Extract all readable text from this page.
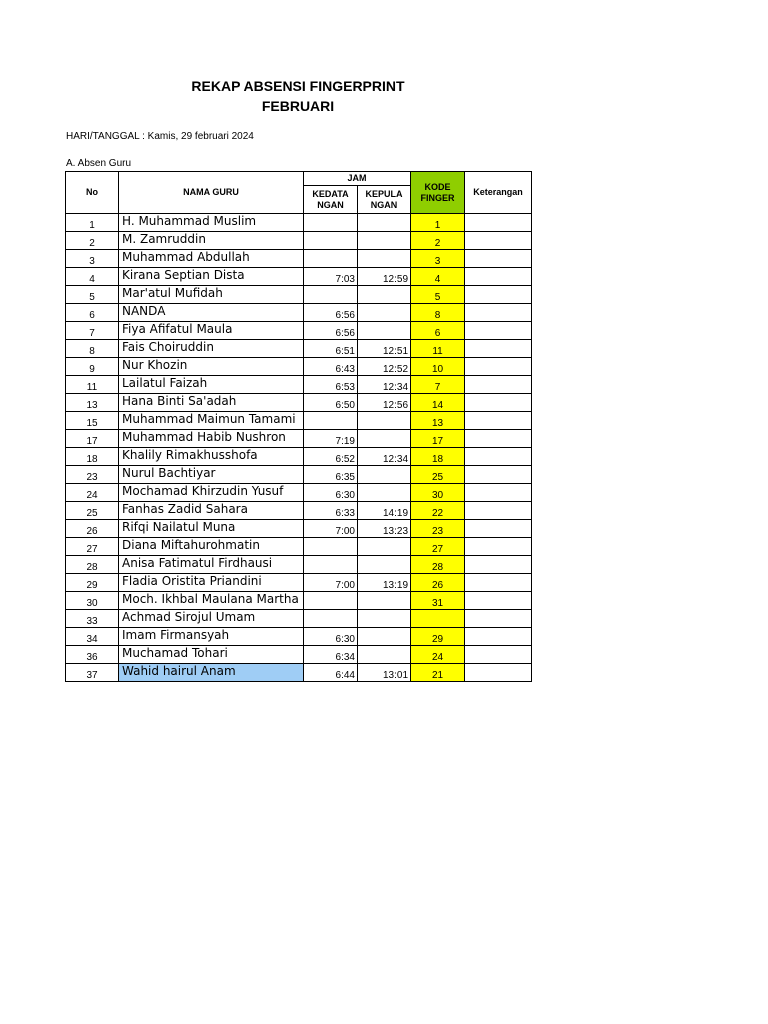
REKAP ABSENSI FINGERPRINT
FEBRUARI
HARI/TANGGAL : Kamis, 29 februari 2024
A. Absen Guru
No	NAMA GURU	JAM		KODE FINGER	Keterangan
		KEDATA NGAN	KEPULA NGAN		
1	H. Muhammad Muslim			1	
2	M. Zamruddin			2	
3	Muhammad Abdullah			3	
4	Kirana Septian Dista	7:03	12:59	4	
5	Mar'atul Mufidah			5	
6	NANDA	6:56		8	
7	Fiya Afifatul Maula	6:56		6	
8	Fais Choiruddin	6:51	12:51	11	
9	Nur Khozin	6:43	12:52	10	
11	Lailatul Faizah	6:53	12:34	7	
13	Hana Binti Sa'adah	6:50	12:56	14	
15	Muhammad Maimun Tamami			13	
17	Muhammad Habib Nushron	7:19		17	
18	Khalily Rimakhusshofa	6:52	12:34	18	
23	Nurul Bachtiyar	6:35		25	
24	Mochamad Khirzudin Yusuf	6:30		30	
25	Fanhas Zadid Sahara	6:33	14:19	22	
26	Rifqi Nailatul Muna	7:00	13:23	23	
27	Diana Miftahurohmatin			27	
28	Anisa Fatimatul Firdhausi			28	
29	Fladia Oristita Priandini	7:00	13:19	26	
30	Moch. Ikhbal Maulana Martha			31	
33	Achmad Sirojul Umam				
34	Imam Firmansyah	6:30		29	
36	Muchamad Tohari	6:34		24	
37	Wahid hairul Anam	6:44	13:01	21	
